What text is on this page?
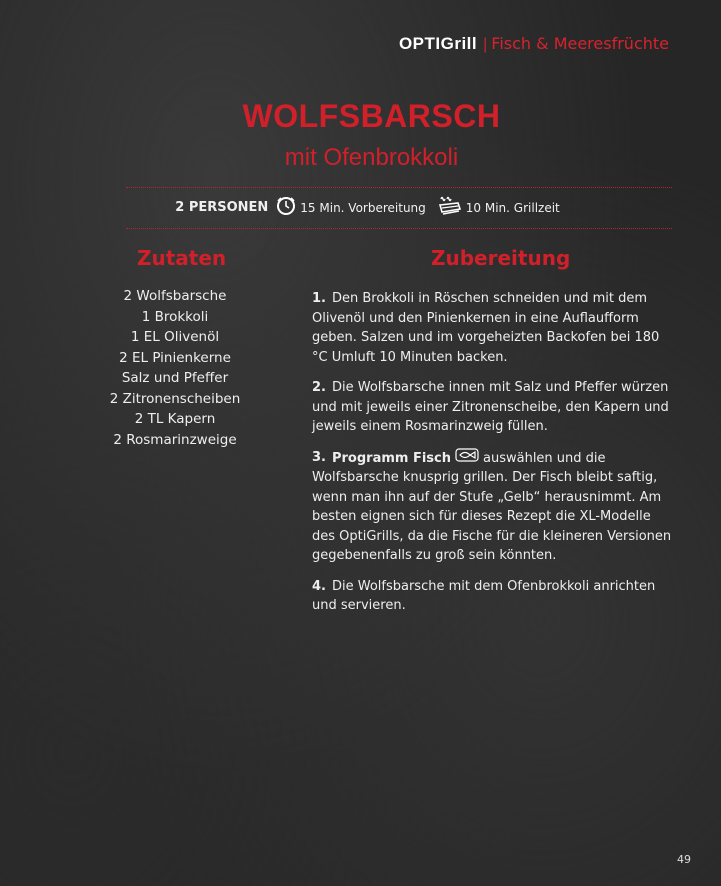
OPTIGrill | Fisch & Meeresfrüchte
WOLFSBARSCH
mit Ofenbrokkoli
2 PERSONEN	15 Min. Vorbereitung	10 Min. Grillzeit
Zutaten	Zubereitung
2 Wolfsbarsche
1 Brokkoli
1 EL Olivenöl
2 EL Pinienkerne
Salz und Pfeffer
2 Zitronenscheiben
2 TL Kapern
2 Rosmarinzweige
1. Den Brokkoli in Röschen schneiden und mit dem Olivenöl und den Pinienkernen in eine Auflaufform geben. Salzen und im vorgeheizten Backofen bei 180 °C Umluft 10 Minuten backen.
2. Die Wolfsbarsche innen mit Salz und Pfeffer würzen und mit jeweils einer Zitronenscheibe, den Kapern und jeweils einem Rosmarinzweig füllen.
3. Programm Fisch auswählen und die Wolfsbarsche knusprig grillen. Der Fisch bleibt saftig, wenn man ihn auf der Stufe „Gelb“ herausnimmt. Am besten eignen sich für dieses Rezept die XL-Modelle des OptiGrills, da die Fische für die kleineren Versionen gegebenenfalls zu groß sein könnten.
4. Die Wolfsbarsche mit dem Ofenbrokkoli anrichten und servieren.
49
